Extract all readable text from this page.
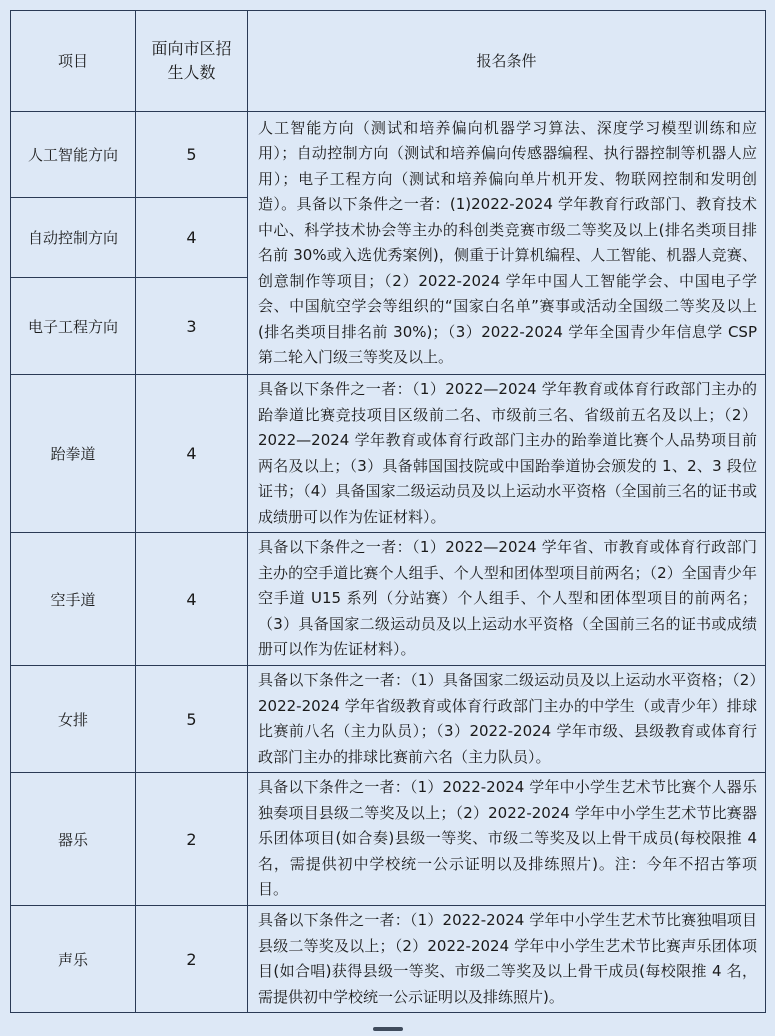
项目	面向市区招生人数	报名条件
人工智能方向	5	人工智能方向（测试和培养偏向机器学习算法、深度学习模型训练和应用）；自动控制方向（测试和培养偏向传感器编程、执行器控制等机器人应用）；电子工程方向（测试和培养偏向单片机开发、物联网控制和发明创造）。具备以下条件之一者：(1)2022-2024 学年教育行政部门、教育技术中心、科学技术协会等主办的科创类竞赛市级二等奖及以上(排名类项目排名前 30%或入选优秀案例)，侧重于计算机编程、人工智能、机器人竞赛、创意制作等项目；（2）2022-2024 学年中国人工智能学会、中国电子学会、中国航空学会等组织的“国家白名单”赛事或活动全国级二等奖及以上(排名类项目排名前 30%)；（3）2022-2024 学年全国青少年信息学 CSP 第二轮入门级三等奖及以上。
自动控制方向	4	
电子工程方向	3	
跆拳道	4	具备以下条件之一者：（1）2022—2024 学年教育或体育行政部门主办的跆拳道比赛竞技项目区级前二名、市级前三名、省级前五名及以上；（2）2022—2024 学年教育或体育行政部门主办的跆拳道比赛个人品势项目前两名及以上；（3）具备韩国国技院或中国跆拳道协会颁发的 1、2、3 段位证书；（4）具备国家二级运动员及以上运动水平资格（全国前三名的证书或成绩册可以作为佐证材料）。
空手道	4	具备以下条件之一者：（1）2022—2024 学年省、市教育或体育行政部门主办的空手道比赛个人组手、个人型和团体型项目前两名；（2）全国青少年空手道 U15 系列（分站赛）个人组手、个人型和团体型项目的前两名；（3）具备国家二级运动员及以上运动水平资格（全国前三名的证书或成绩册可以作为佐证材料）。
女排	5	具备以下条件之一者：（1）具备国家二级运动员及以上运动水平资格；（2）2022-2024 学年省级教育或体育行政部门主办的中学生（或青少年）排球比赛前八名（主力队员）；（3）2022-2024 学年市级、县级教育或体育行政部门主办的排球比赛前六名（主力队员）。
器乐	2	具备以下条件之一者：（1）2022-2024 学年中小学生艺术节比赛个人器乐独奏项目县级二等奖及以上；（2）2022-2024 学年中小学生艺术节比赛器乐团体项目(如合奏)县级一等奖、市级二等奖及以上骨干成员(每校限推 4 名，需提供初中学校统一公示证明以及排练照片)。注：今年不招古筝项目。
声乐	2	具备以下条件之一者：（1）2022-2024 学年中小学生艺术节比赛独唱项目县级二等奖及以上；（2）2022-2024 学年中小学生艺术节比赛声乐团体项目(如合唱)获得县级一等奖、市级二等奖及以上骨干成员(每校限推 4 名，需提供初中学校统一公示证明以及排练照片)。
